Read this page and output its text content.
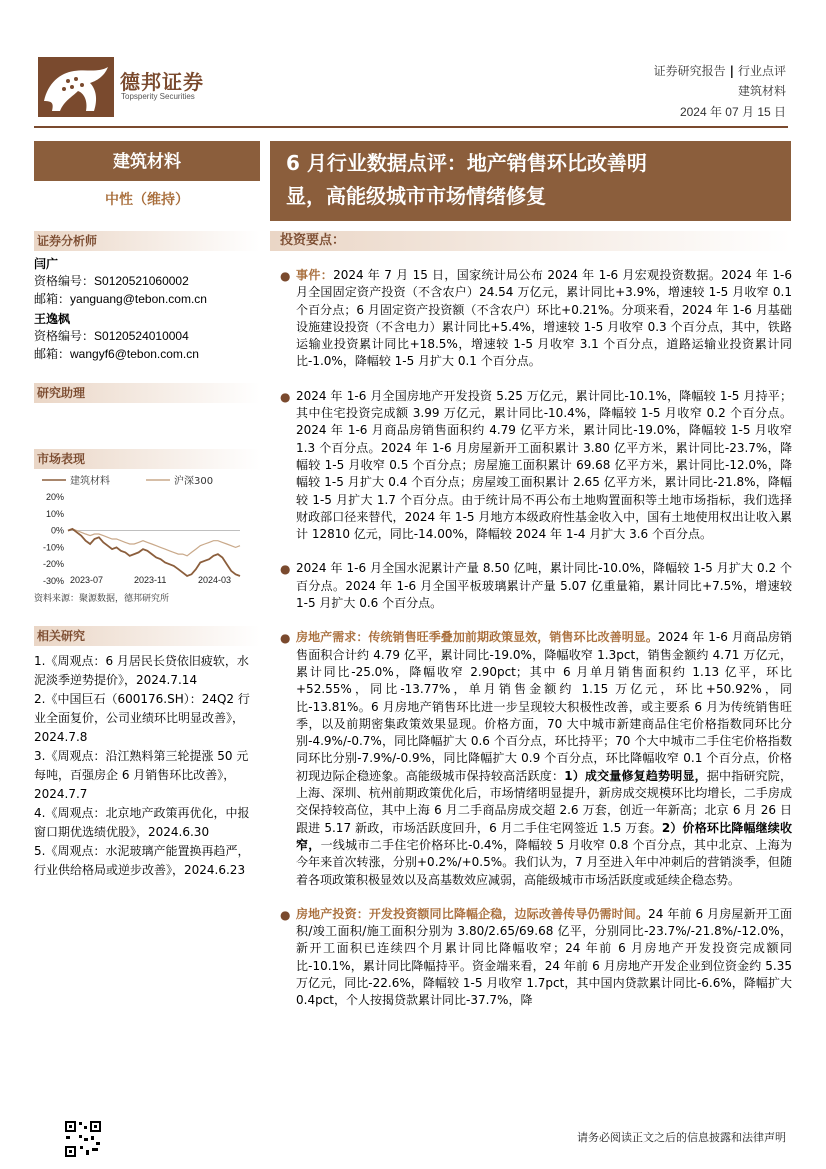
德邦证券
Topsperity Securities
证券研究报告 | 行业点评
建筑材料
2024 年 07 月 15 日
建筑材料
中性（维持）
证券分析师
闫广
资格编号：S0120521060002
邮箱：yanguang@tebon.com.cn
王逸枫
资格编号：S0120524010004
邮箱：wangyf6@tebon.com.cn
研究助理
市场表现
建筑材料	沪深300
20%
10%
0%
-10%
-20%
-30% 2023-07	2023-11	2024-03
资料来源：聚源数据，德邦研究所
相关研究
1.《周观点：6 月居民长贷依旧疲软，水泥淡季逆势提价》，2024.7.14
2.《中国巨石（600176.SH）：24Q2 行业全面复价，公司业绩环比明显改善》，2024.7.8
3.《周观点：沿江熟料第三轮提涨 50 元每吨，百强房企 6 月销售环比改善》，2024.7.7
4.《周观点：北京地产政策再优化，中报窗口期优选绩优股》，2024.6.30
5.《周观点：水泥玻璃产能置换再趋严，行业供给格局或逆步改善》，2024.6.23
6 月行业数据点评：地产销售环比改善明
显，高能级城市市场情绪修复
投资要点：
● 事件：2024 年 7 月 15 日，国家统计局公布 2024 年 1-6 月宏观投资数据。2024 年 1-6 月全国固定资产投资（不含农户）24.54 万亿元，累计同比+3.9%，增速较 1-5 月收窄 0.1 个百分点；6 月固定资产投资额（不含农户）环比+0.21%。分项来看，2024 年 1-6 月基础设施建设投资（不含电力）累计同比+5.4%，增速较 1-5 月收窄 0.3 个百分点，其中，铁路运输业投资累计同比+18.5%，增速较 1-5 月收窄 3.1 个百分点，道路运输业投资累计同比-1.0%，降幅较 1-5 月扩大 0.1 个百分点。
● 2024 年 1-6 月全国房地产开发投资 5.25 万亿元，累计同比-10.1%，降幅较 1-5 月持平；其中住宅投资完成额 3.99 万亿元，累计同比-10.4%，降幅较 1-5 月收窄 0.2 个百分点。2024 年 1-6 月商品房销售面积约 4.79 亿平方米，累计同比-19.0%，降幅较 1-5 月收窄 1.3 个百分点。2024 年 1-6 月房屋新开工面积累计 3.80 亿平方米，累计同比-23.7%，降幅较 1-5 月收窄 0.5 个百分点；房屋施工面积累计 69.68 亿平方米，累计同比-12.0%，降幅较 1-5 月扩大 0.4 个百分点；房屋竣工面积累计 2.65 亿平方米，累计同比-21.8%，降幅较 1-5 月扩大 1.7 个百分点。由于统计局不再公布土地购置面积等土地市场指标，我们选择财政部口径来替代，2024 年 1-5 月地方本级政府性基金收入中，国有土地使用权出让收入累计 12810 亿元，同比-14.00%，降幅较 2024 年 1-4 月扩大 3.6 个百分点。
● 2024 年 1-6 月全国水泥累计产量 8.50 亿吨，累计同比-10.0%，降幅较 1-5 月扩大 0.2 个百分点。2024 年 1-6 月全国平板玻璃累计产量 5.07 亿重量箱，累计同比+7.5%，增速较 1-5 月扩大 0.6 个百分点。
● 房地产需求：传统销售旺季叠加前期政策显效，销售环比改善明显。2024 年 1-6 月商品房销售面积合计约 4.79 亿平，累计同比-19.0%，降幅收窄 1.3pct，销售金额约 4.71 万亿元，累计同比-25.0%，降幅收窄 2.90pct；其中 6 月单月销售面积约 1.13 亿平，环比+52.55%，同比-13.77%，单月销售金额约 1.15 万亿元，环比+50.92%，同比-13.81%。6 月房地产销售环比进一步呈现较大积极性改善，或主要系 6 月为传统销售旺季，以及前期密集政策效果显现。价格方面，70 大中城市新建商品住宅价格指数同环比分别-4.9%/-0.7%，同比降幅扩大 0.6 个百分点，环比持平；70 个大中城市二手住宅价格指数同环比分别-7.9%/-0.9%，同比降幅扩大 0.9 个百分点，环比降幅收窄 0.1 个百分点，价格初现边际企稳迹象。高能级城市保持较高活跃度：1）成交量修复趋势明显，据中指研究院，上海、深圳、杭州前期政策优化后，市场情绪明显提升，新房成交规模环比均增长，二手房成交保持较高位，其中上海 6 月二手商品房成交超 2.6 万套，创近一年新高；北京 6 月 26 日跟进 5.17 新政，市场活跃度回升，6 月二手住宅网签近 1.5 万套。2）价格环比降幅继续收窄，一线城市二手住宅价格环比-0.4%，降幅较 5 月收窄 0.8 个百分点，其中北京、上海为今年来首次转涨，分别+0.2%/+0.5%。我们认为，7 月至进入年中冲刺后的营销淡季，但随着各项政策积极显效以及高基数效应减弱，高能级城市市场活跃度或延续企稳态势。
● 房地产投资：开发投资额同比降幅企稳，边际改善传导仍需时间。24 年前 6 月房屋新开工面积/竣工面积/施工面积分别为 3.80/2.65/69.68 亿平，分别同比-23.7%/-21.8%/-12.0%，新开工面积已连续四个月累计同比降幅收窄；24 年前 6 月房地产开发投资完成额同比-10.1%，累计同比降幅持平。资金端来看，24 年前 6 月房地产开发企业到位资金约 5.35 万亿元，同比-22.6%，降幅较 1-5 月收窄 1.7pct，其中国内贷款累计同比-6.6%，降幅扩大 0.4pct，个人按揭贷款累计同比-37.7%，降
请务必阅读正文之后的信息披露和法律声明
